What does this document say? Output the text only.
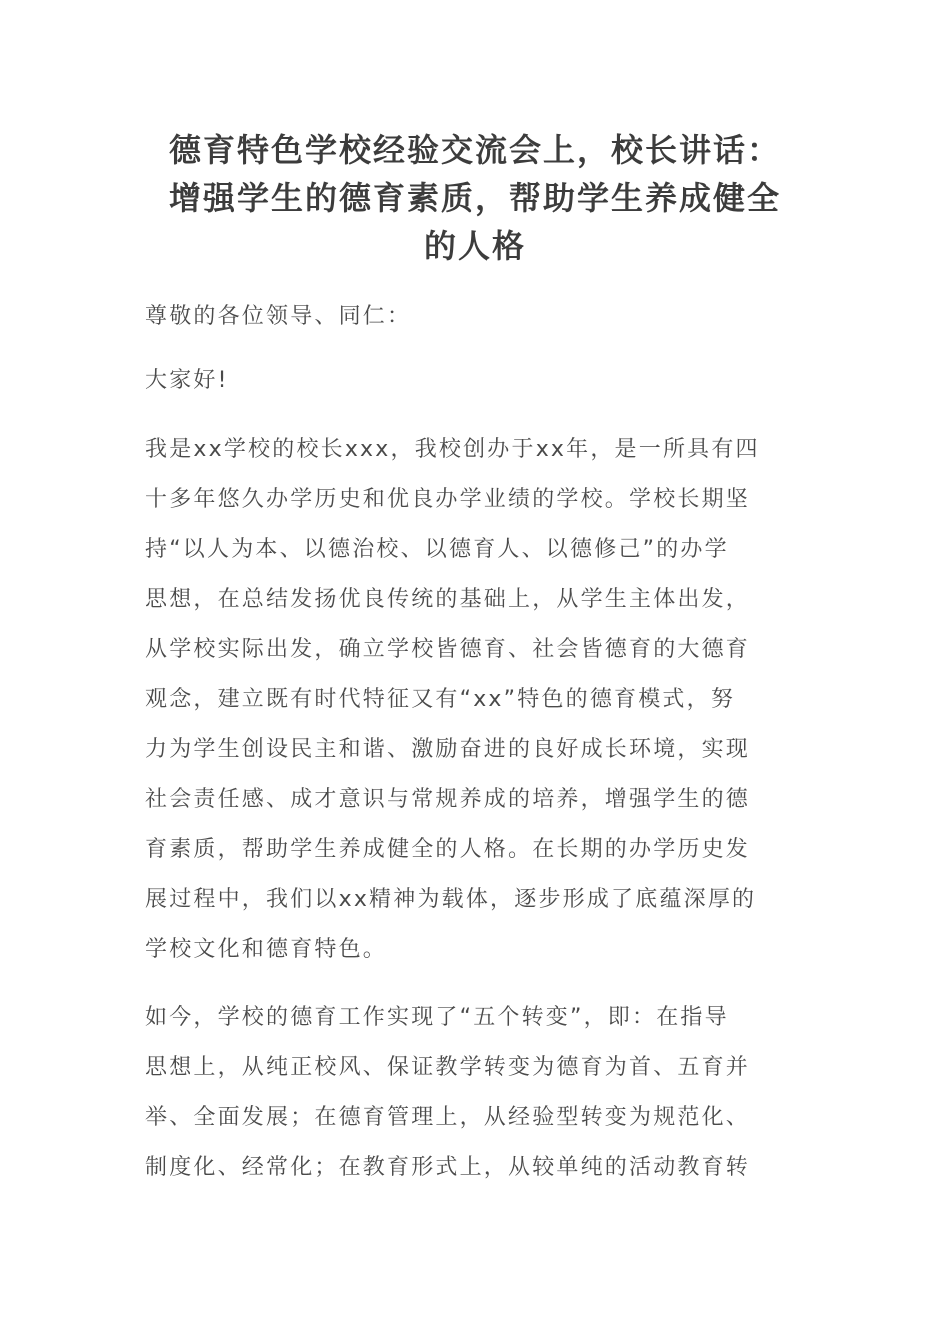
德育特色学校经验交流会上，校长讲话：
增强学生的德育素质，帮助学生养成健全
的人格

尊敬的各位领导、同仁：

大家好!

我是xx学校的校长xxx，我校创办于xx年，是一所具有四
十多年悠久办学历史和优良办学业绩的学校。学校长期坚
持“以人为本、以德治校、以德育人、以德修己”的办学
思想，在总结发扬优良传统的基础上，从学生主体出发，
从学校实际出发，确立学校皆德育、社会皆德育的大德育
观念，建立既有时代特征又有“xx”特色的德育模式，努
力为学生创设民主和谐、激励奋进的良好成长环境，实现
社会责任感、成才意识与常规养成的培养，增强学生的德
育素质，帮助学生养成健全的人格。在长期的办学历史发
展过程中，我们以xx精神为载体，逐步形成了底蕴深厚的
学校文化和德育特色。

如今，学校的德育工作实现了“五个转变”，即：在指导
思想上，从纯正校风、保证教学转变为德育为首、五育并
举、全面发展；在德育管理上，从经验型转变为规范化、
制度化、经常化；在教育形式上，从较单纯的活动教育转
